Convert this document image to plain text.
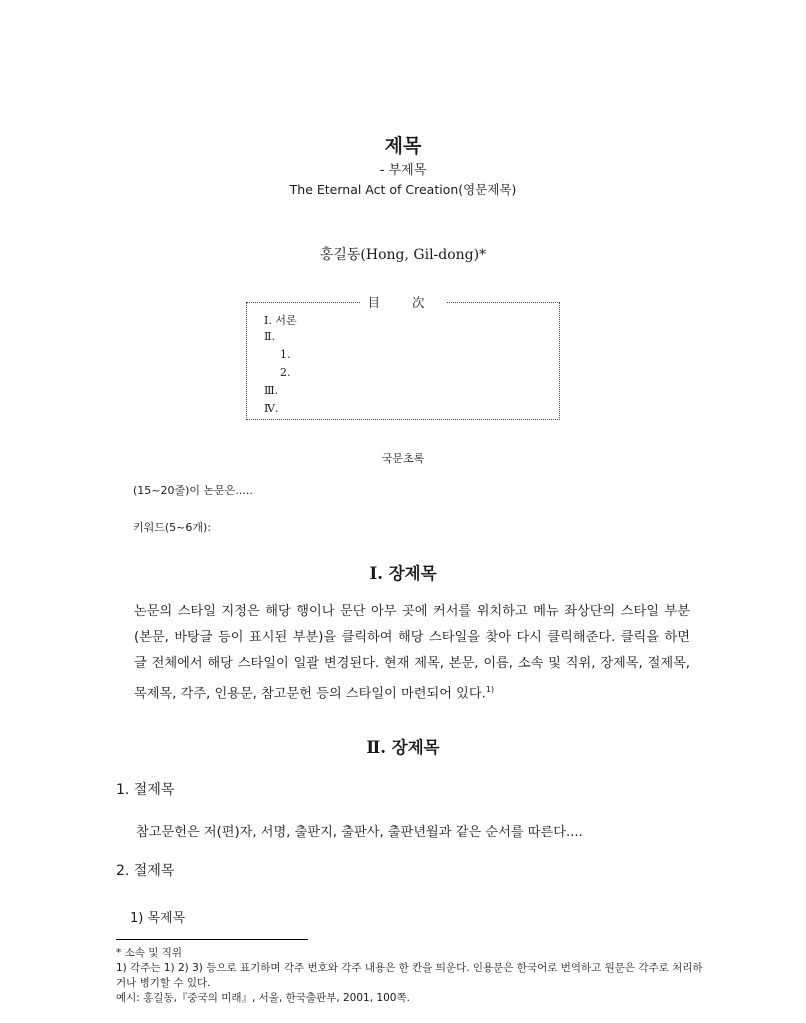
제목
- 부제목
The Eternal Act of Creation(영문제목)
홍길동(Hong, Gil-dong)*
目 次
Ⅰ. 서론
Ⅱ.
1.
2.
Ⅲ.
Ⅳ.
국문초록
(15~20줄)이 논문은.....
키워드(5~6개):
Ⅰ. 장제목
논문의 스타일 지정은 해당 행이나 문단 아무 곳에 커서를 위치하고 메뉴 좌상단의 스타일 부분(본문, 바탕글 등이 표시된 부분)을 클릭하여 해당 스타일을 찾아 다시 클릭해준다. 클릭을 하면 글 전체에서 해당 스타일이 일괄 변경된다. 현재 제목, 본문, 이름, 소속 및 직위, 장제목, 절제목, 목제목, 각주, 인용문, 참고문헌 등의 스타일이 마련되어 있다.$^{1)}$
Ⅱ. 장제목
1. 절제목
참고문헌은 저(편)자, 서명, 출판지, 출판사, 출판년월과 같은 순서를 따른다....
2. 절제목
1) 목제목
* 소속 및 직위
1) 각주는 1) 2) 3) 등으로 표기하며 각주 번호와 각주 내용은 한 칸을 띄운다. 인용문은 한국어로 번역하고 원문은 각주로 처리하거나 병기할 수 있다.
예시: 홍길동,『중국의 미래』, 서울, 한국출판부, 2001, 100쪽.
